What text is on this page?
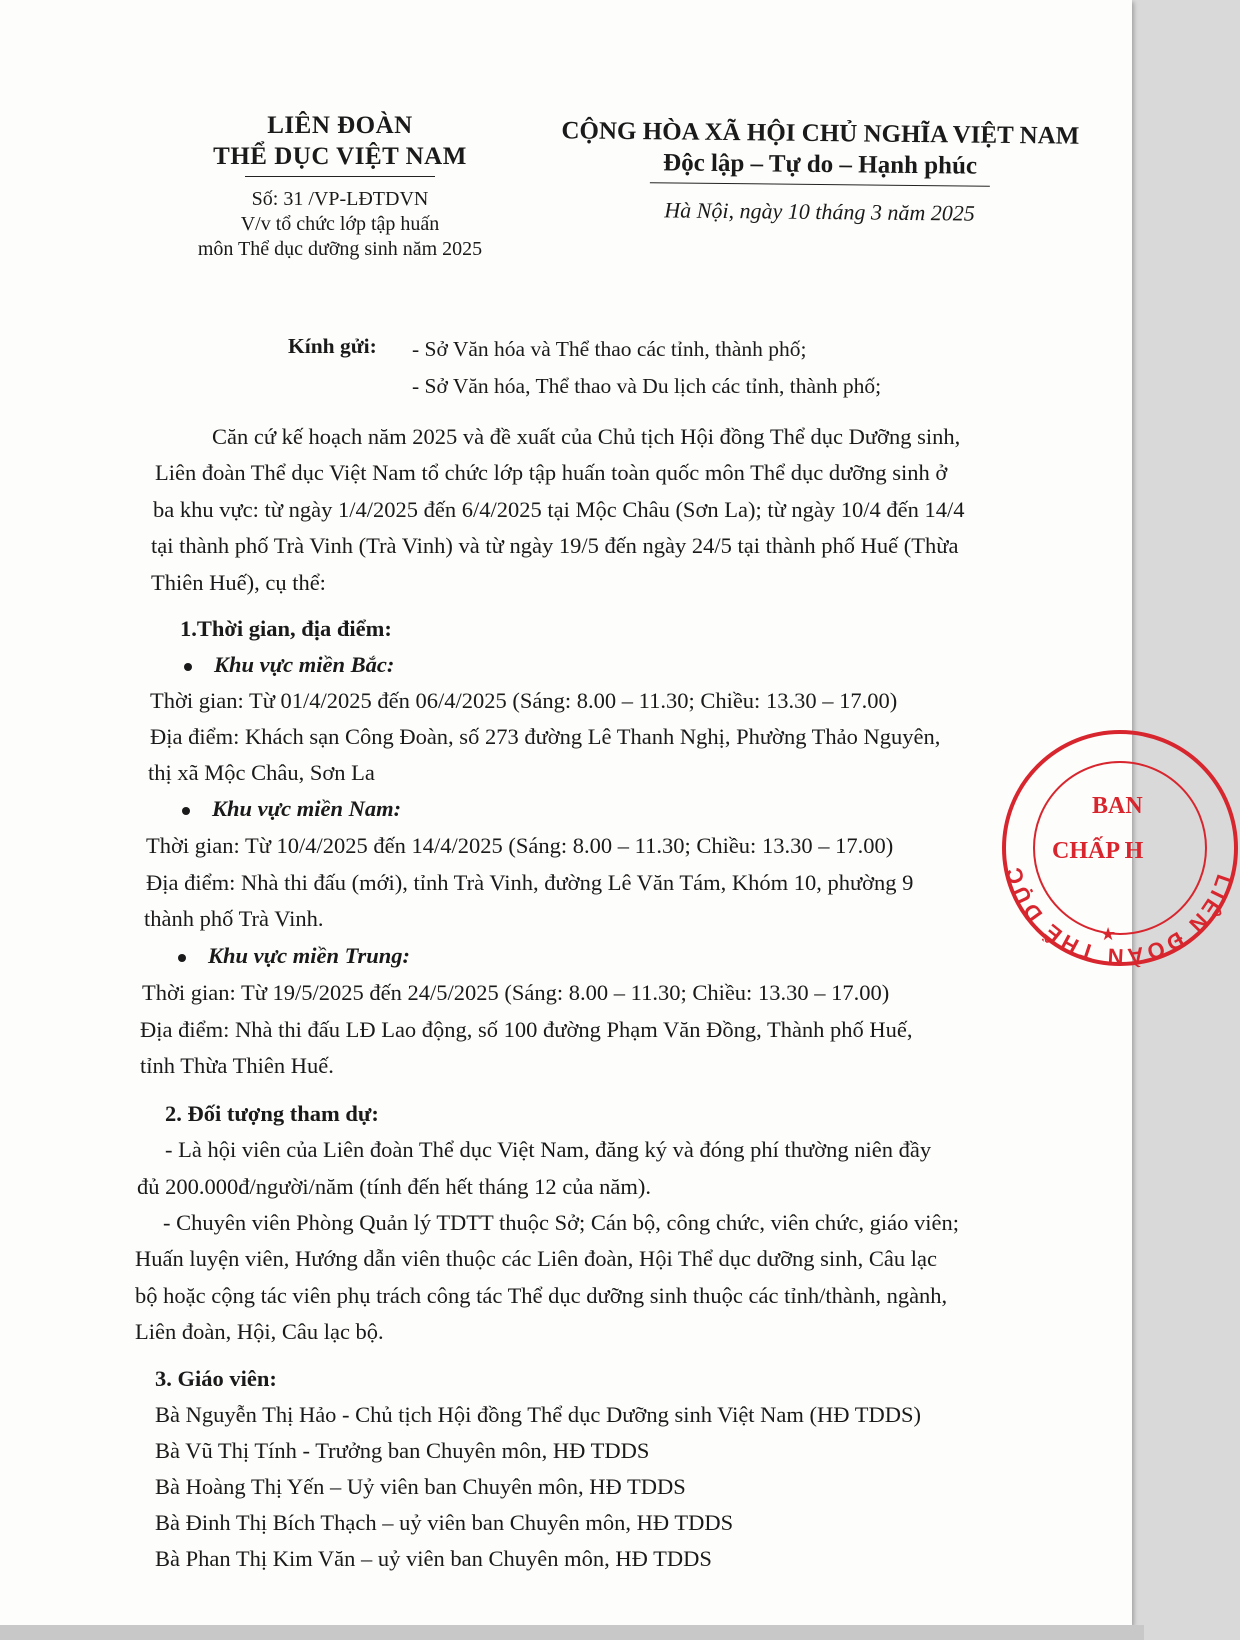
LIÊN ĐOÀN
THỂ DỤC VIỆT NAM
Số: 31 /VP-LĐTDVN
V/v tổ chức lớp tập huấn
môn Thể dục dưỡng sinh năm 2025
CỘNG HÒA XÃ HỘI CHỦ NGHĨA VIỆT NAM
Độc lập – Tự do – Hạnh phúc
Hà Nội, ngày 10 tháng 3 năm 2025
Kính gửi: - Sở Văn hóa và Thể thao các tỉnh, thành phố;
- Sở Văn hóa, Thể thao và Du lịch các tỉnh, thành phố;
Căn cứ kế hoạch năm 2025 và đề xuất của Chủ tịch Hội đồng Thể dục Dưỡng sinh,
Liên đoàn Thể dục Việt Nam tổ chức lớp tập huấn toàn quốc môn Thể dục dưỡng sinh ở
ba khu vực: từ ngày 1/4/2025 đến 6/4/2025 tại Mộc Châu (Sơn La); từ ngày 10/4 đến 14/4
tại thành phố Trà Vinh (Trà Vinh) và từ ngày 19/5 đến ngày 24/5 tại thành phố Huế (Thừa
Thiên Huế), cụ thể:
1.Thời gian, địa điểm:
Khu vực miền Bắc:
Thời gian: Từ 01/4/2025 đến 06/4/2025 (Sáng: 8.00 – 11.30; Chiều: 13.30 – 17.00)
Địa điểm: Khách sạn Công Đoàn, số 273 đường Lê Thanh Nghị, Phường Thảo Nguyên,
thị xã Mộc Châu, Sơn La
Khu vực miền Nam:
Thời gian: Từ 10/4/2025 đến 14/4/2025 (Sáng: 8.00 – 11.30; Chiều: 13.30 – 17.00)
Địa điểm: Nhà thi đấu (mới), tỉnh Trà Vinh, đường Lê Văn Tám, Khóm 10, phường 9
thành phố Trà Vinh.
Khu vực miền Trung:
Thời gian: Từ 19/5/2025 đến 24/5/2025 (Sáng: 8.00 – 11.30; Chiều: 13.30 – 17.00)
Địa điểm: Nhà thi đấu LĐ Lao động, số 100 đường Phạm Văn Đồng, Thành phố Huế,
tỉnh Thừa Thiên Huế.
2. Đối tượng tham dự:
- Là hội viên của Liên đoàn Thể dục Việt Nam, đăng ký và đóng phí thường niên đầy
đủ 200.000đ/người/năm (tính đến hết tháng 12 của năm).
- Chuyên viên Phòng Quản lý TDTT thuộc Sở; Cán bộ, công chức, viên chức, giáo viên;
Huấn luyện viên, Hướng dẫn viên thuộc các Liên đoàn, Hội Thể dục dưỡng sinh, Câu lạc
bộ hoặc cộng tác viên phụ trách công tác Thể dục dưỡng sinh thuộc các tỉnh/thành, ngành,
Liên đoàn, Hội, Câu lạc bộ.
3. Giáo viên:
Bà Nguyễn Thị Hảo - Chủ tịch Hội đồng Thể dục Dưỡng sinh Việt Nam (HĐ TDDS)
Bà Vũ Thị Tính - Trưởng ban Chuyên môn, HĐ TDDS
Bà Hoàng Thị Yến – Uỷ viên ban Chuyên môn, HĐ TDDS
Bà Đinh Thị Bích Thạch – uỷ viên ban Chuyên môn, HĐ TDDS
Bà Phan Thị Kim Văn – uỷ viên ban Chuyên môn, HĐ TDDS
LIÊN ĐOÀN THỂ DỤC
BAN
CHẤP H
★
